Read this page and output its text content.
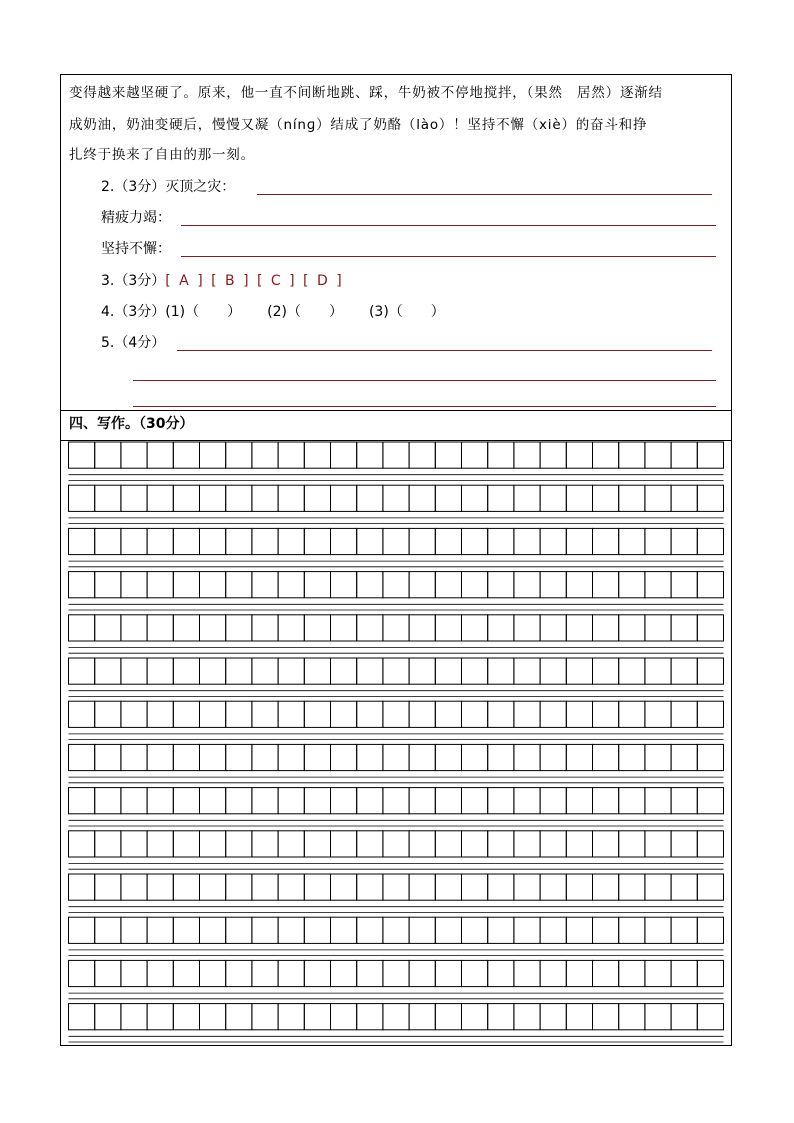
变得越来越坚硬了。原来，他一直不间断地跳、踩，牛奶被不停地搅拌，（果然　居然）逐渐结
成奶油，奶油变硬后，慢慢又凝（nínɡ）结成了奶酪（lào）！坚持不懈（xiè）的奋斗和挣
扎终于换来了自由的那一刻。
2.（3分）灭顶之灾：
精疲力竭：
坚持不懈：
3.（3分）[ A ] [ B ] [ C ] [ D ]
4.（3分）(1)（　　） (2)（　　） (3)（　　）
5.（4分）
四、写作。（30分）
